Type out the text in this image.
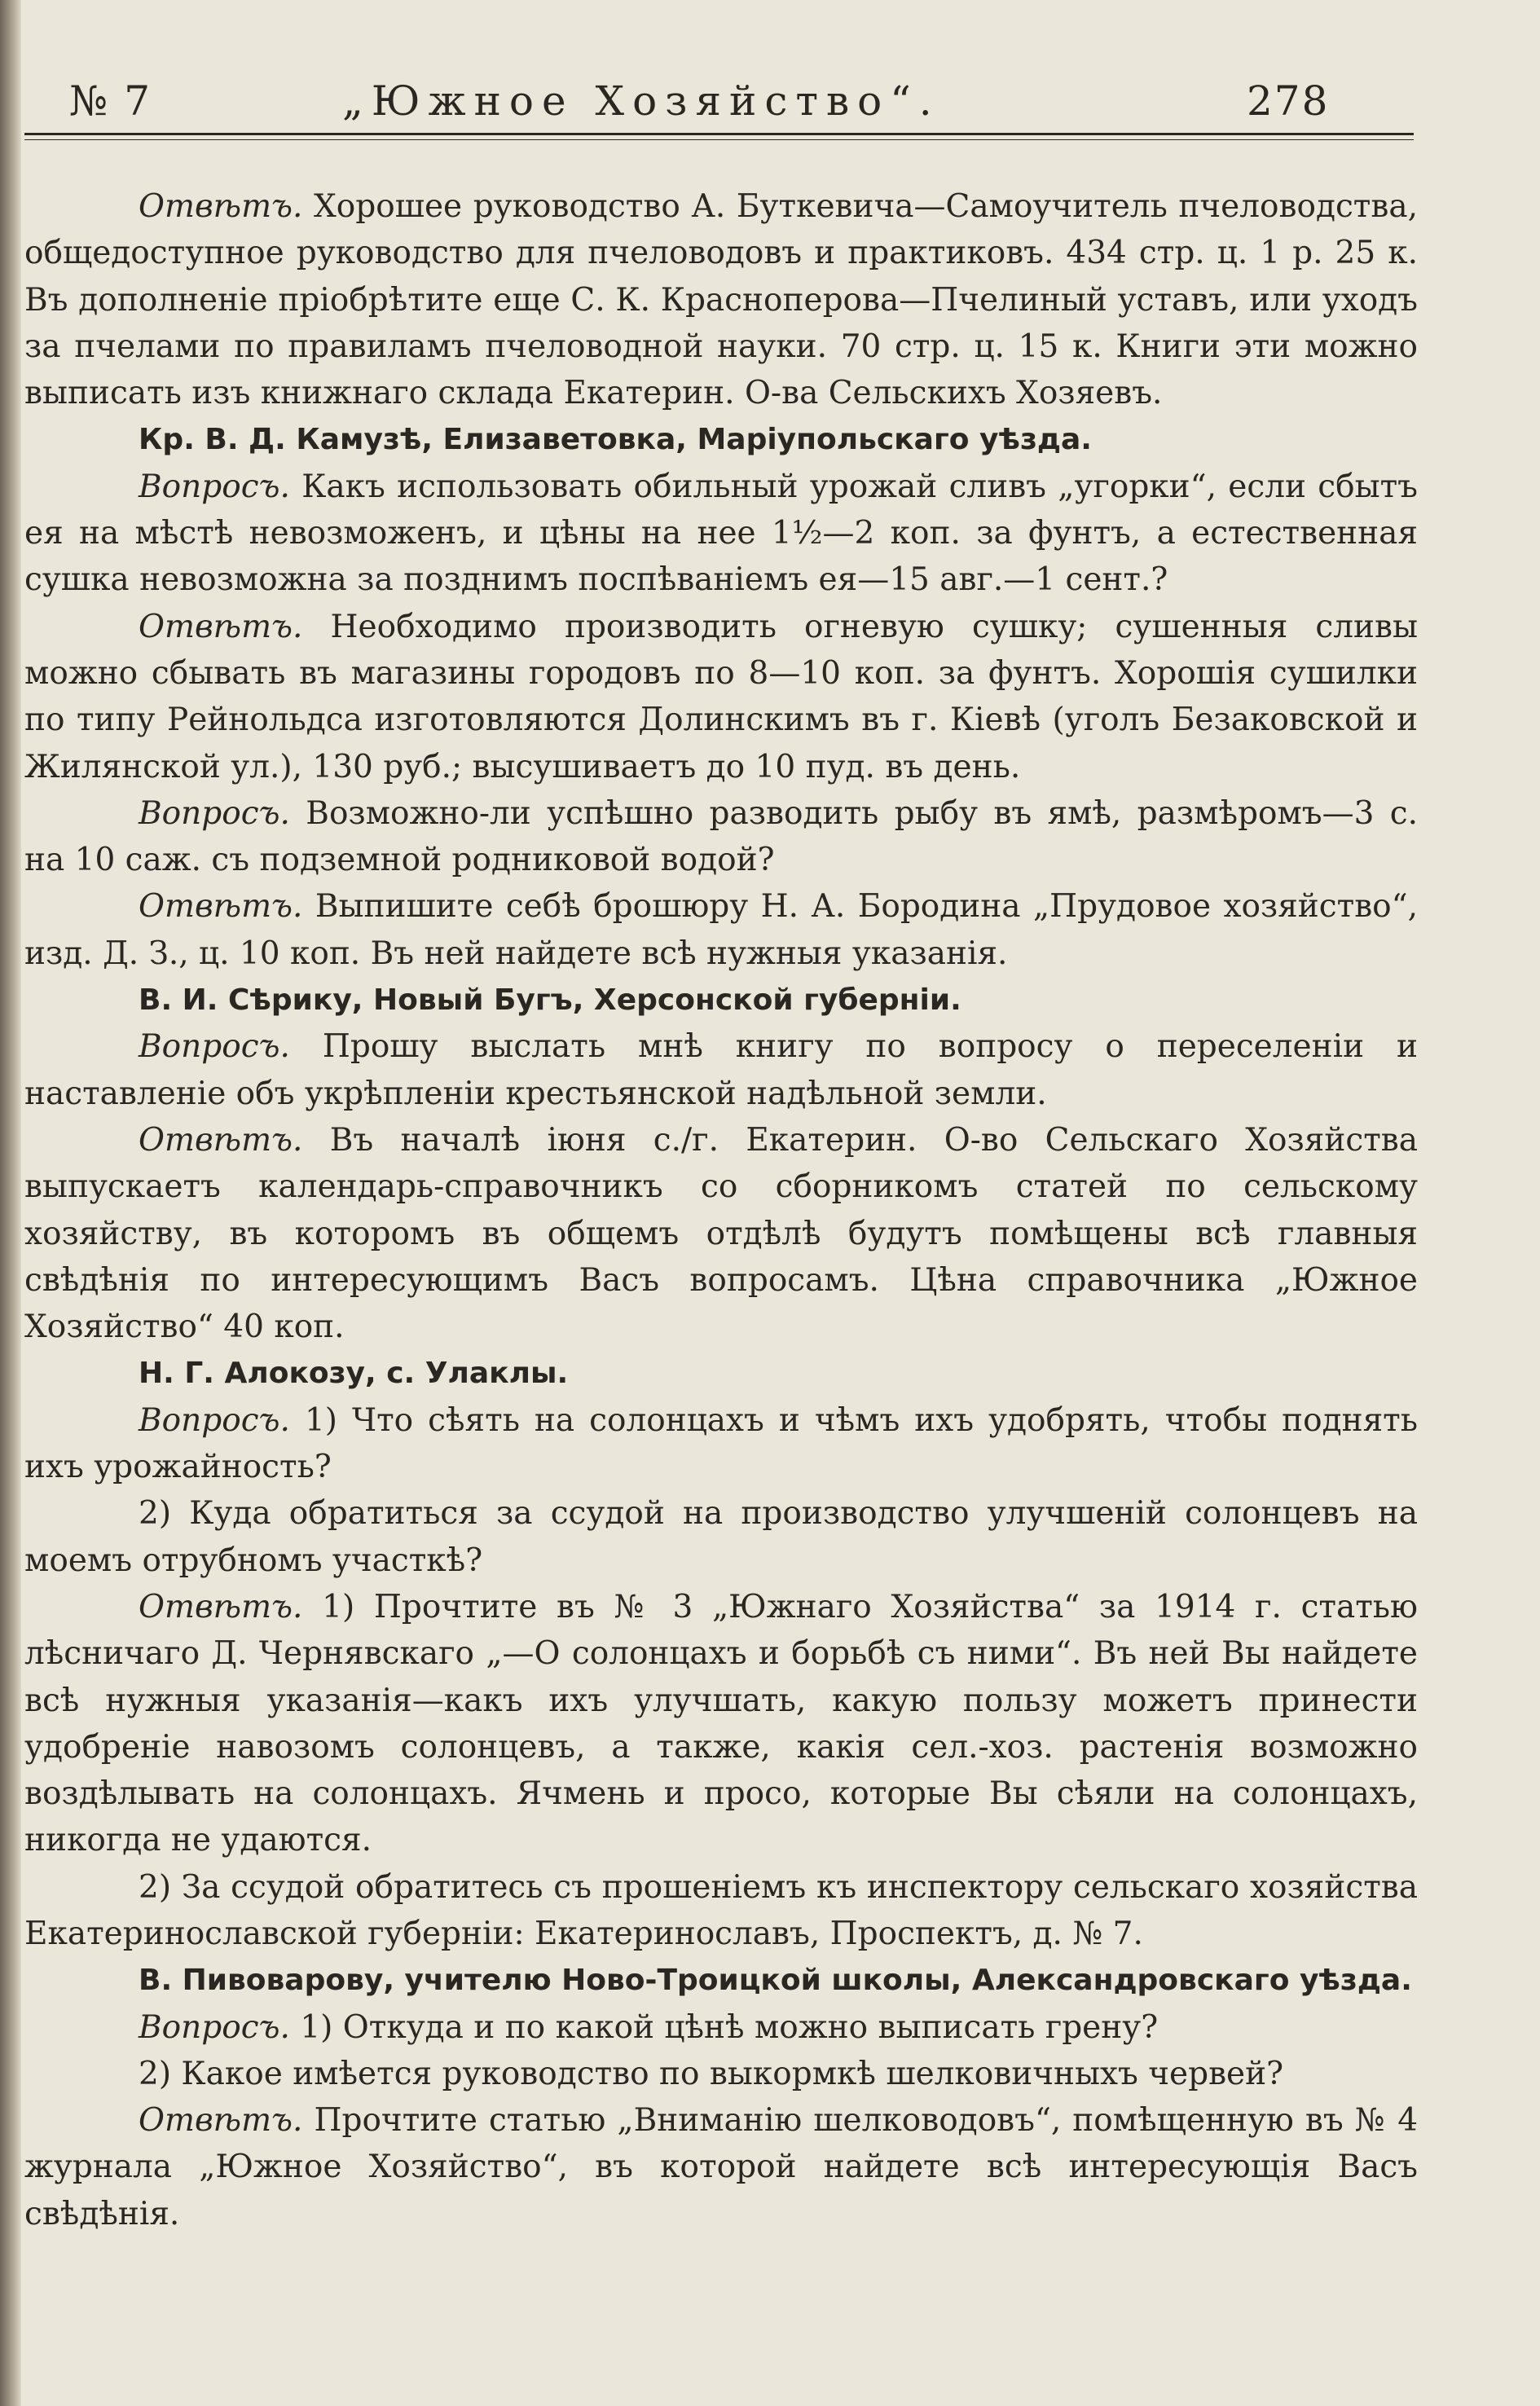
№ 7	„Южное Хозяйство“.	278

Отвѣтъ. Хорошее руководство А. Буткевича—Самоучитель пчеловодства, общедоступное руководство для пчеловодовъ и практиковъ. 434 стр. ц. 1 р. 25 к. Въ дополненіе пріобрѣтите еще С. К. Красноперова—Пчелиный уставъ, или уходъ за пчелами по правиламъ пчеловодной науки. 70 стр. ц. 15 к. Книги эти можно выписать изъ книжнаго склада Екатерин. О-ва Сельскихъ Хозяевъ.

Кр. В. Д. Камузѣ, Елизаветовка, Маріупольскаго уѣзда.

Вопросъ. Какъ использовать обильный урожай сливъ „угорки“, если сбытъ ея на мѣстѣ невозможенъ, и цѣны на нее 1½—2 коп. за фунтъ, а естественная сушка невозможна за позднимъ поспѣваніемъ ея—15 авг.—1 сент.?

Отвѣтъ. Необходимо производить огневую сушку; сушенныя сливы можно сбывать въ магазины городовъ по 8—10 коп. за фунтъ. Хорошія сушилки по типу Рейнольдса изготовляются Долинскимъ въ г. Кіевѣ (уголъ Безаковской и Жилянской ул.), 130 руб.; высушиваетъ до 10 пуд. въ день.

Вопросъ. Возможно-ли успѣшно разводить рыбу въ ямѣ, размѣромъ—3 с. на 10 саж. съ подземной родниковой водой?

Отвѣтъ. Выпишите себѣ брошюру Н. А. Бородина „Прудовое хозяйство“, изд. Д. З., ц. 10 коп. Въ ней найдете всѣ нужныя указанія.

В. И. Сѣрику, Новый Бугъ, Херсонской губерніи.

Вопросъ. Прошу выслать мнѣ книгу по вопросу о переселеніи и наставленіе объ укрѣпленіи крестьянской надѣльной земли.

Отвѣтъ. Въ началѣ іюня с./г. Екатерин. О-во Сельскаго Хозяйства выпускаетъ календарь-справочникъ со сборникомъ статей по сельскому хозяйству, въ которомъ въ общемъ отдѣлѣ будутъ помѣщены всѣ главныя свѣдѣнія по интересующимъ Васъ вопросамъ. Цѣна справочника „Южное Хозяйство“ 40 коп.

Н. Г. Алокозу, с. Улаклы.

Вопросъ. 1) Что сѣять на солонцахъ и чѣмъ ихъ удобрять, чтобы поднять ихъ урожайность?

2) Куда обратиться за ссудой на производство улучшеній солонцевъ на моемъ отрубномъ участкѣ?

Отвѣтъ. 1) Прочтите въ № 3 „Южнаго Хозяйства“ за 1914 г. статью лѣсничаго Д. Чернявскаго „—О солонцахъ и борьбѣ съ ними“. Въ ней Вы найдете всѣ нужныя указанія—какъ ихъ улучшать, какую пользу можетъ принести удобреніе навозомъ солонцевъ, а также, какія сел.-хоз. растенія возможно воздѣлывать на солонцахъ. Ячмень и просо, которые Вы сѣяли на солонцахъ, никогда не удаются.

2) За ссудой обратитесь съ прошеніемъ къ инспектору сельскаго хозяйства Екатеринославской губерніи: Екатеринославъ, Проспектъ, д. № 7.

В. Пивоварову, учителю Ново-Троицкой школы, Александровскаго уѣзда.

Вопросъ. 1) Откуда и по какой цѣнѣ можно выписать грену?

2) Какое имѣется руководство по выкормкѣ шелковичныхъ червей?

Отвѣтъ. Прочтите статью „Вниманію шелководовъ“, помѣщенную въ № 4 журнала „Южное Хозяйство“, въ которой найдете всѣ интересующія Васъ свѣдѣнія.
